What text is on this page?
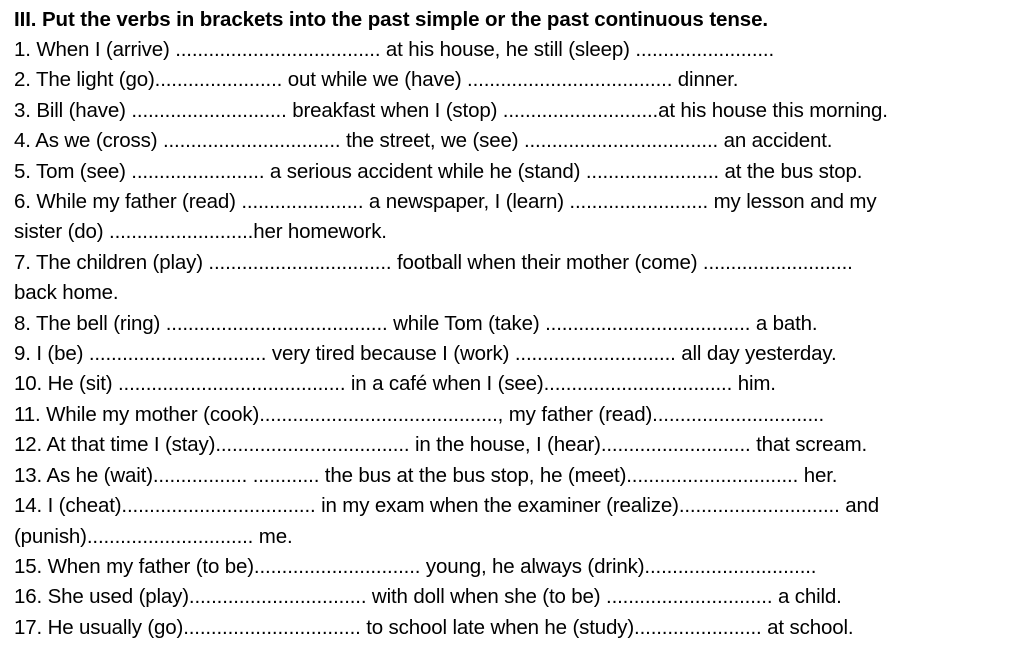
III. Put the verbs in brackets into the past simple or the past continuous tense.
1. When I (arrive) ..................................... at his house, he still (sleep) .........................
2. The light (go)....................... out while we (have) ..................................... dinner.
3. Bill (have) ............................ breakfast when I (stop) ............................at his house this morning.
4. As we (cross) ................................ the street, we (see) ................................... an accident.
5. Tom (see) ........................ a serious accident while he (stand) ........................ at the bus stop.
6. While my father (read) ...................... a newspaper, I (learn) ......................... my lesson and my
sister (do) ..........................her homework.
7. The children (play) ................................. football when their mother (come) ...........................
back home.
8. The bell (ring) ........................................ while Tom (take) ..................................... a bath.
9. I (be) ................................ very tired because I (work) ............................. all day yesterday.
10. He (sit) ......................................... in a café when I (see).................................. him.
11. While my mother (cook)..........................................., my father (read)...............................
12. At that time I (stay)................................... in the house, I (hear)........................... that scream.
13. As he (wait)................. ............ the bus at the bus stop, he (meet)............................... her.
14. I (cheat)................................... in my exam when the examiner (realize)............................. and
(punish).............................. me.
15. When my father (to be).............................. young, he always (drink)...............................
16. She used (play)................................ with doll when she (to be) .............................. a child.
17. He usually (go)................................ to school late when he (study)....................... at school.
